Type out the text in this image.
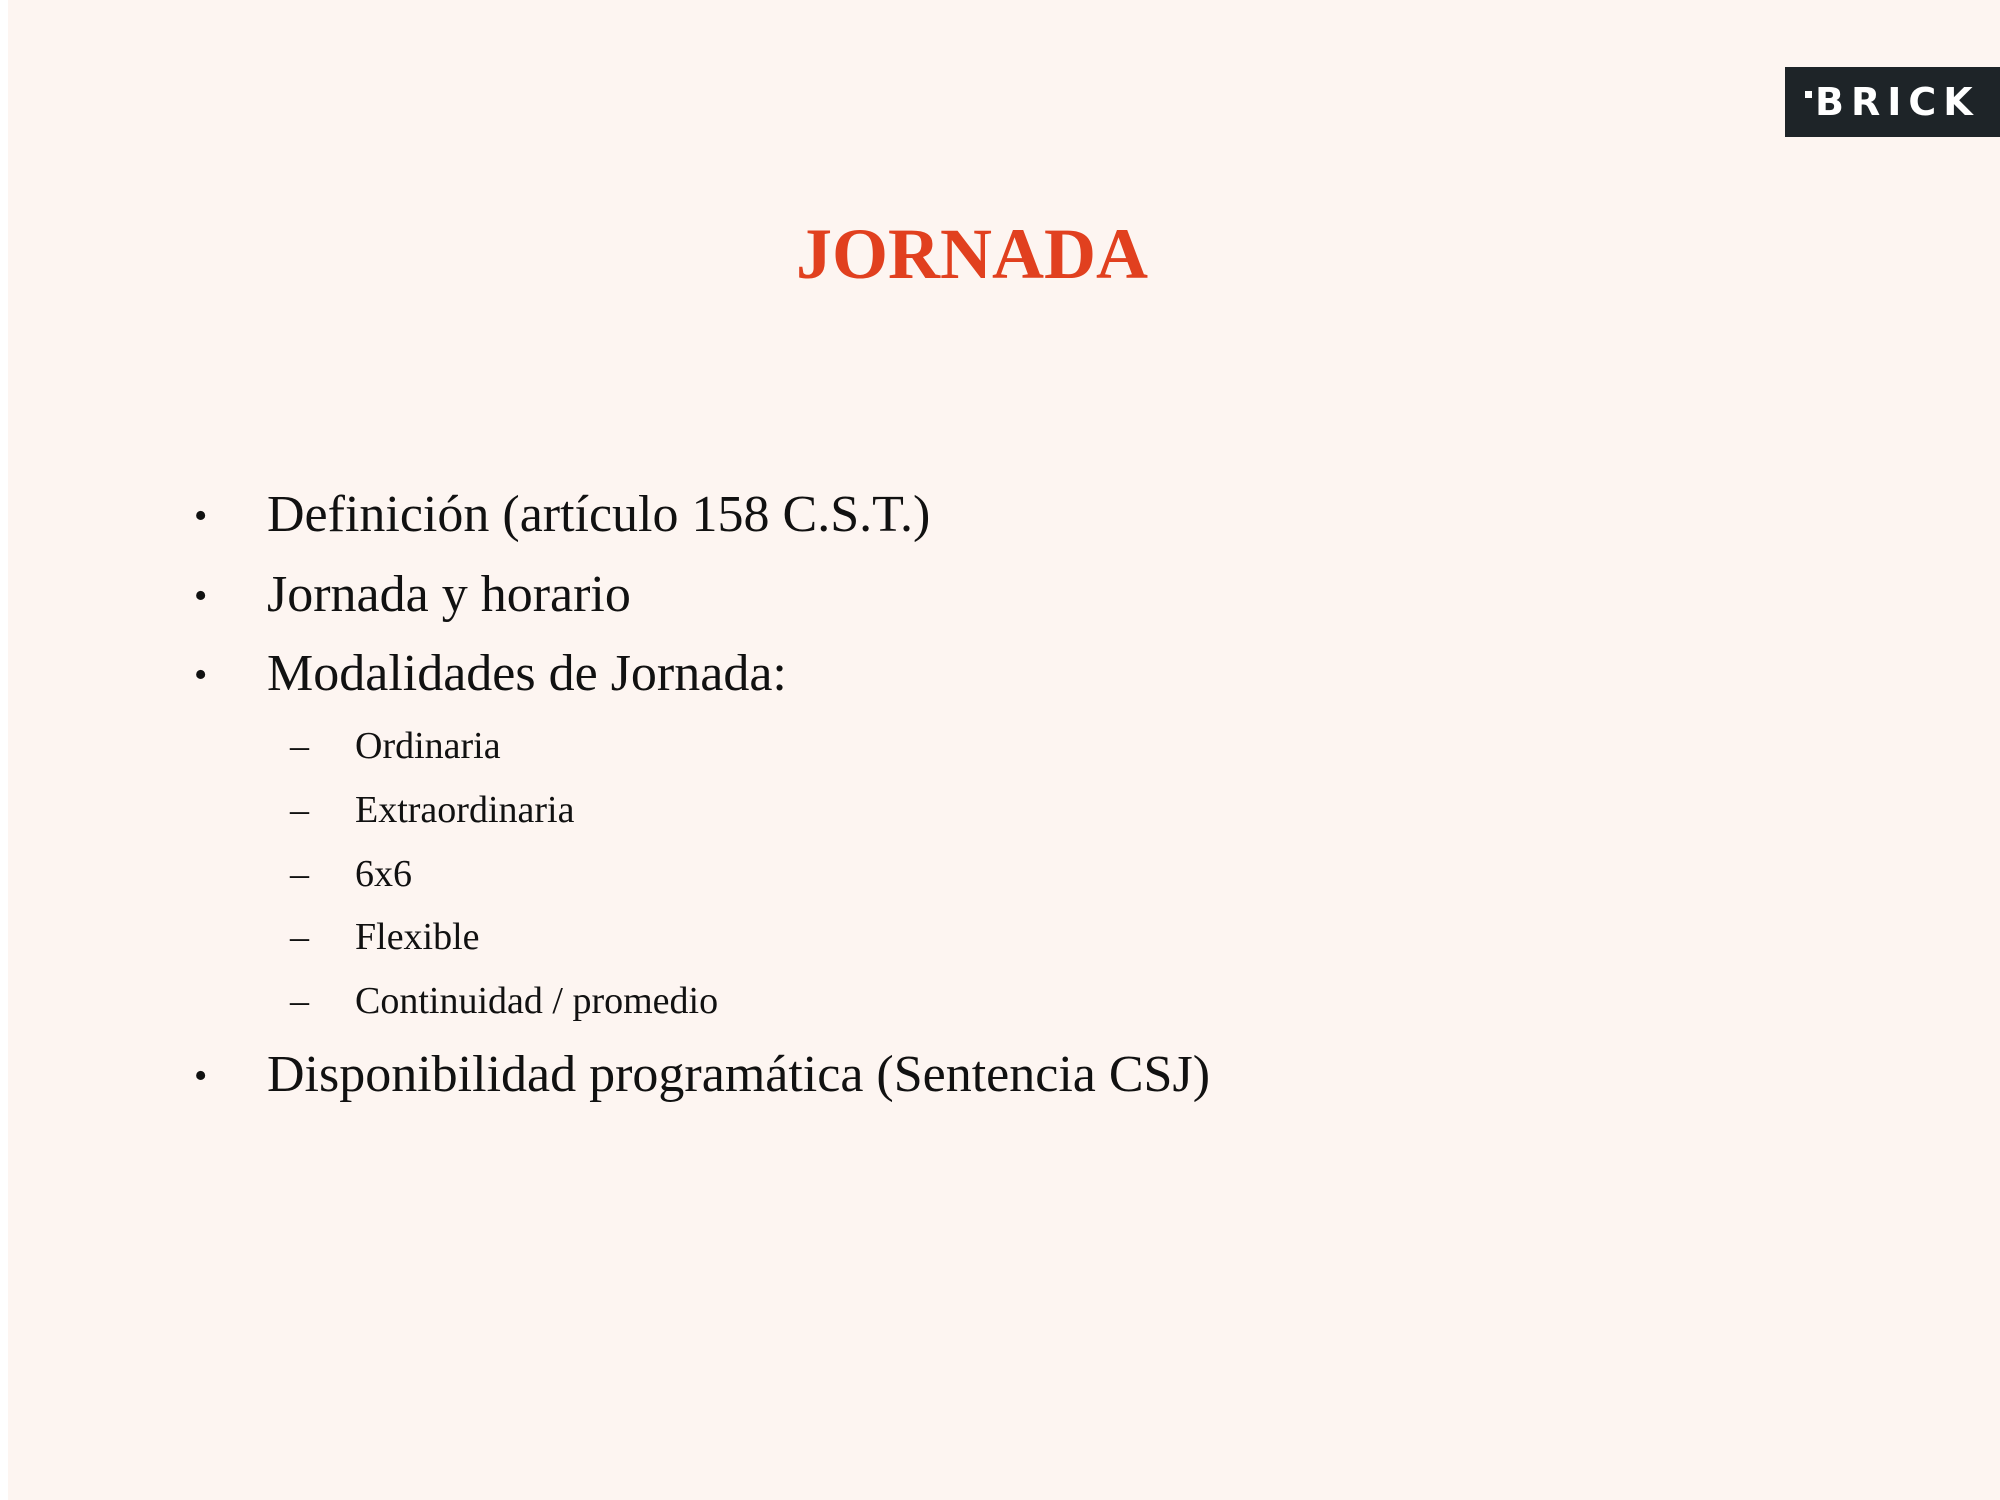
BRICK
JORNADA
• Definición (artículo 158 C.S.T.)
• Jornada y horario
• Modalidades de Jornada:
– Ordinaria
– Extraordinaria
– 6x6
– Flexible
– Continuidad / promedio
• Disponibilidad programática (Sentencia CSJ)
